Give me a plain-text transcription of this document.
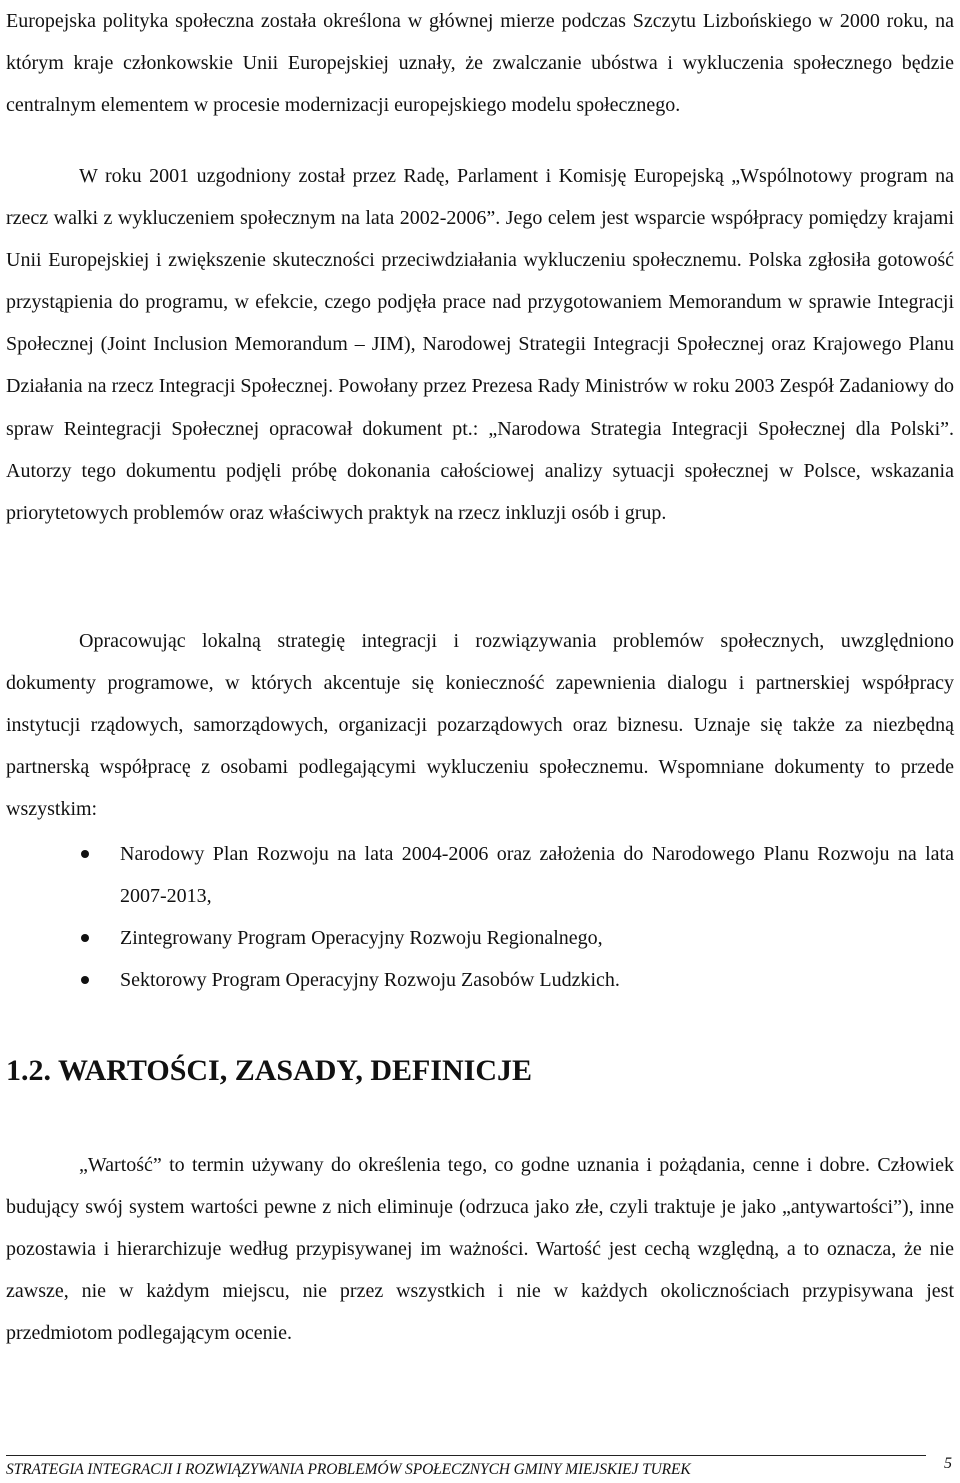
Europejska polityka społeczna została określona w głównej mierze podczas Szczytu Lizbońskiego w 2000 roku, na którym kraje członkowskie Unii Europejskiej uznały, że zwalczanie ubóstwa i wykluczenia społecznego będzie centralnym elementem w procesie modernizacji europejskiego modelu społecznego.

W roku 2001 uzgodniony został przez Radę, Parlament i Komisję Europejską „Wspólnotowy program na rzecz walki z wykluczeniem społecznym na lata 2002-2006”. Jego celem jest wsparcie współpracy pomiędzy krajami Unii Europejskiej i zwiększenie skuteczności przeciwdziałania wykluczeniu społecznemu. Polska zgłosiła gotowość przystąpienia do programu, w efekcie, czego podjęła prace nad przygotowaniem Memorandum w sprawie Integracji Społecznej (Joint Inclusion Memorandum – JIM), Narodowej Strategii Integracji Społecznej oraz Krajowego Planu Działania na rzecz Integracji Społecznej. Powołany przez Prezesa Rady Ministrów w roku 2003 Zespół Zadaniowy do spraw Reintegracji Społecznej opracował dokument pt.: „Narodowa Strategia Integracji Społecznej dla Polski”. Autorzy tego dokumentu podjęli próbę dokonania całościowej analizy sytuacji społecznej w Polsce, wskazania priorytetowych problemów oraz właściwych praktyk na rzecz inkluzji osób i grup.

Opracowując lokalną strategię integracji i rozwiązywania problemów społecznych, uwzględniono dokumenty programowe, w których akcentuje się konieczność zapewnienia dialogu i partnerskiej współpracy instytucji rządowych, samorządowych, organizacji pozarządowych oraz biznesu. Uznaje się także za niezbędną partnerską współpracę z osobami podlegającymi wykluczeniu społecznemu. Wspomniane dokumenty to przede wszystkim:

Narodowy Plan Rozwoju na lata 2004-2006 oraz założenia do Narodowego Planu Rozwoju na lata 2007-2013,
Zintegrowany Program Operacyjny Rozwoju Regionalnego,
Sektorowy Program Operacyjny Rozwoju Zasobów Ludzkich.
1.2. WARTOŚCI, ZASADY, DEFINICJE

„Wartość” to termin używany do określenia tego, co godne uznania i pożądania, cenne i dobre. Człowiek budujący swój system wartości pewne z nich eliminuje (odrzuca jako złe, czyli traktuje je jako „antywartości”), inne pozostawia i hierarchizuje według przypisywanej im ważności. Wartość jest cechą względną, a to oznacza, że nie zawsze, nie w każdym miejscu, nie przez wszystkich i nie w każdych okolicznościach przypisywana jest przedmiotom podlegającym ocenie.

STRATEGIA INTEGRACJI I ROZWIĄZYWANIA PROBLEMÓW SPOŁECZNYCH GMINY MIEJSKIEJ TUREK	5
